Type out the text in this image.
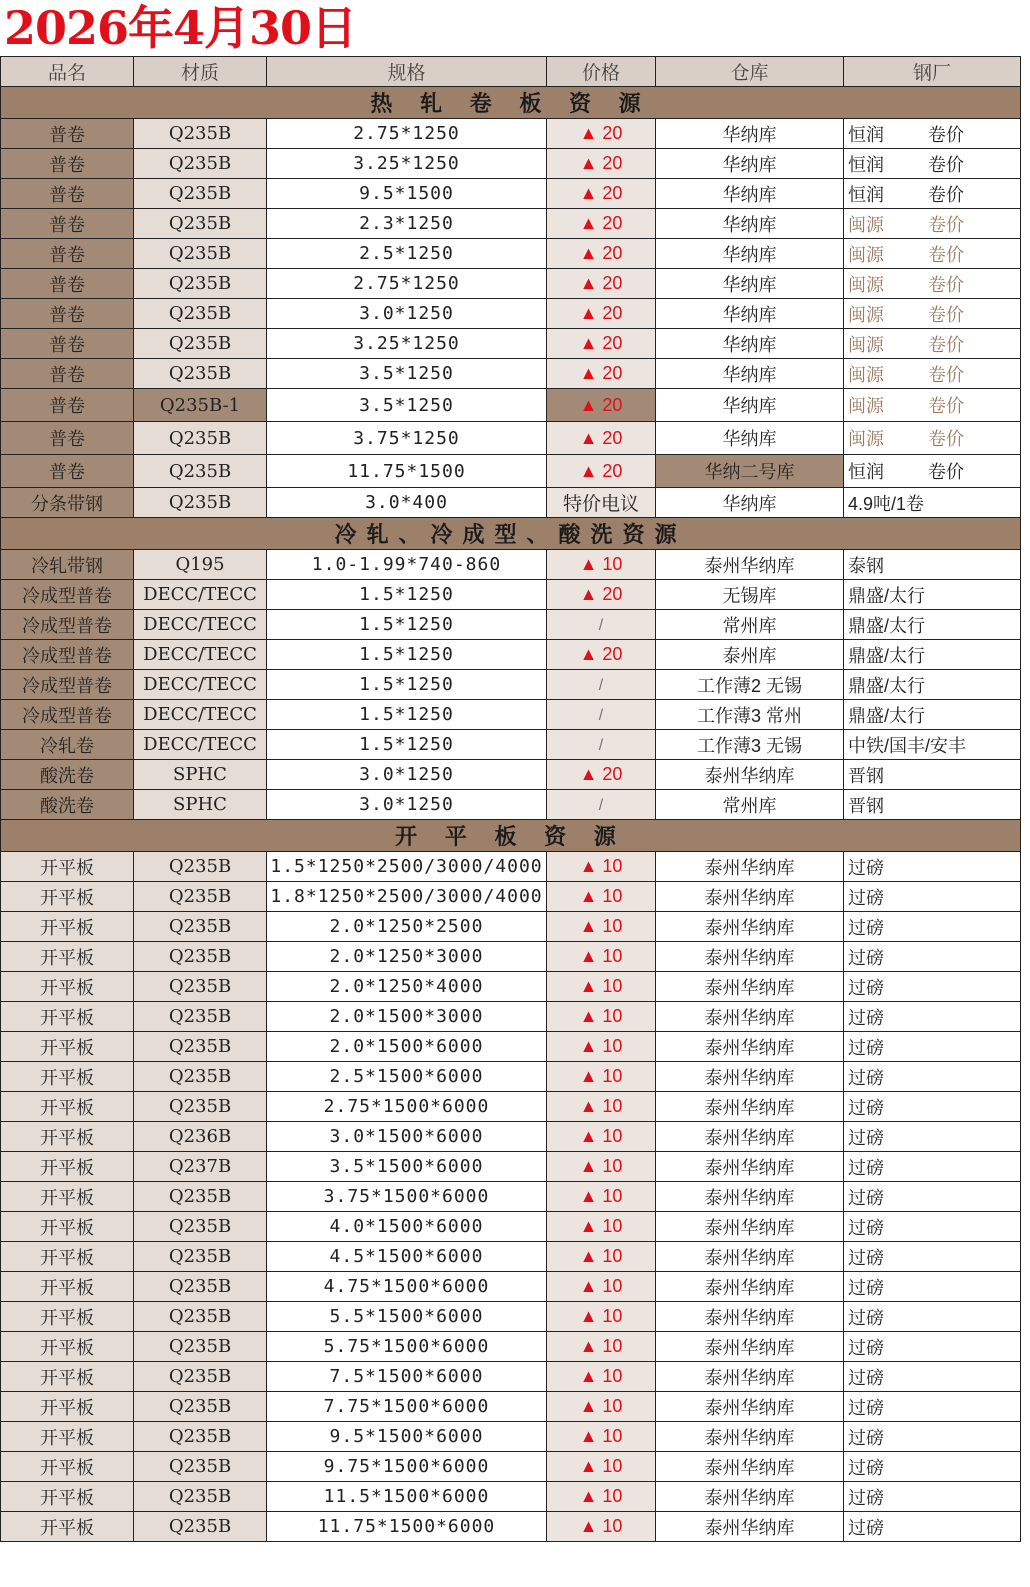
2026年4月30日
品名	材质	规格	价格	仓库	钢厂
热 轧 卷 板 资 源					
普卷	Q235B	2.75*1250	▲ 20	华纳库	恒润 卷价
普卷	Q235B	3.25*1250	▲ 20	华纳库	恒润 卷价
普卷	Q235B	9.5*1500	▲ 20	华纳库	恒润 卷价
普卷	Q235B	2.3*1250	▲ 20	华纳库	闽源 卷价
普卷	Q235B	2.5*1250	▲ 20	华纳库	闽源 卷价
普卷	Q235B	2.75*1250	▲ 20	华纳库	闽源 卷价
普卷	Q235B	3.0*1250	▲ 20	华纳库	闽源 卷价
普卷	Q235B	3.25*1250	▲ 20	华纳库	闽源 卷价
普卷	Q235B	3.5*1250	▲ 20	华纳库	闽源 卷价
普卷	Q235B-1	3.5*1250	▲ 20	华纳库	闽源 卷价
普卷	Q235B	3.75*1250	▲ 20	华纳库	闽源 卷价
普卷	Q235B	11.75*1500	▲ 20	华纳二号库	恒润 卷价
分条带钢	Q235B	3.0*400	特价电议	华纳库	4.9吨/1卷
冷轧、冷成型、酸洗资源					
冷轧带钢	Q195	1.0-1.99*740-860	▲ 10	泰州华纳库	泰钢
冷成型普卷	DECC/TECC	1.5*1250	▲ 20	无锡库	鼎盛/太行
冷成型普卷	DECC/TECC	1.5*1250	/	常州库	鼎盛/太行
冷成型普卷	DECC/TECC	1.5*1250	▲ 20	泰州库	鼎盛/太行
冷成型普卷	DECC/TECC	1.5*1250	/	工作薄2 无锡	鼎盛/太行
冷成型普卷	DECC/TECC	1.5*1250	/	工作薄3 常州	鼎盛/太行
冷轧卷	DECC/TECC	1.5*1250	/	工作薄3 无锡	中铁/国丰/安丰
酸洗卷	SPHC	3.0*1250	▲ 20	泰州华纳库	晋钢
酸洗卷	SPHC	3.0*1250	/	常州库	晋钢
开 平 板 资 源					
开平板	Q235B	1.5*1250*2500/3000/4000	▲ 10	泰州华纳库	过磅
开平板	Q235B	1.8*1250*2500/3000/4000	▲ 10	泰州华纳库	过磅
开平板	Q235B	2.0*1250*2500	▲ 10	泰州华纳库	过磅
开平板	Q235B	2.0*1250*3000	▲ 10	泰州华纳库	过磅
开平板	Q235B	2.0*1250*4000	▲ 10	泰州华纳库	过磅
开平板	Q235B	2.0*1500*3000	▲ 10	泰州华纳库	过磅
开平板	Q235B	2.0*1500*6000	▲ 10	泰州华纳库	过磅
开平板	Q235B	2.5*1500*6000	▲ 10	泰州华纳库	过磅
开平板	Q235B	2.75*1500*6000	▲ 10	泰州华纳库	过磅
开平板	Q236B	3.0*1500*6000	▲ 10	泰州华纳库	过磅
开平板	Q237B	3.5*1500*6000	▲ 10	泰州华纳库	过磅
开平板	Q235B	3.75*1500*6000	▲ 10	泰州华纳库	过磅
开平板	Q235B	4.0*1500*6000	▲ 10	泰州华纳库	过磅
开平板	Q235B	4.5*1500*6000	▲ 10	泰州华纳库	过磅
开平板	Q235B	4.75*1500*6000	▲ 10	泰州华纳库	过磅
开平板	Q235B	5.5*1500*6000	▲ 10	泰州华纳库	过磅
开平板	Q235B	5.75*1500*6000	▲ 10	泰州华纳库	过磅
开平板	Q235B	7.5*1500*6000	▲ 10	泰州华纳库	过磅
开平板	Q235B	7.75*1500*6000	▲ 10	泰州华纳库	过磅
开平板	Q235B	9.5*1500*6000	▲ 10	泰州华纳库	过磅
开平板	Q235B	9.75*1500*6000	▲ 10	泰州华纳库	过磅
开平板	Q235B	11.5*1500*6000	▲ 10	泰州华纳库	过磅
开平板	Q235B	11.75*1500*6000	▲ 10	泰州华纳库	过磅
